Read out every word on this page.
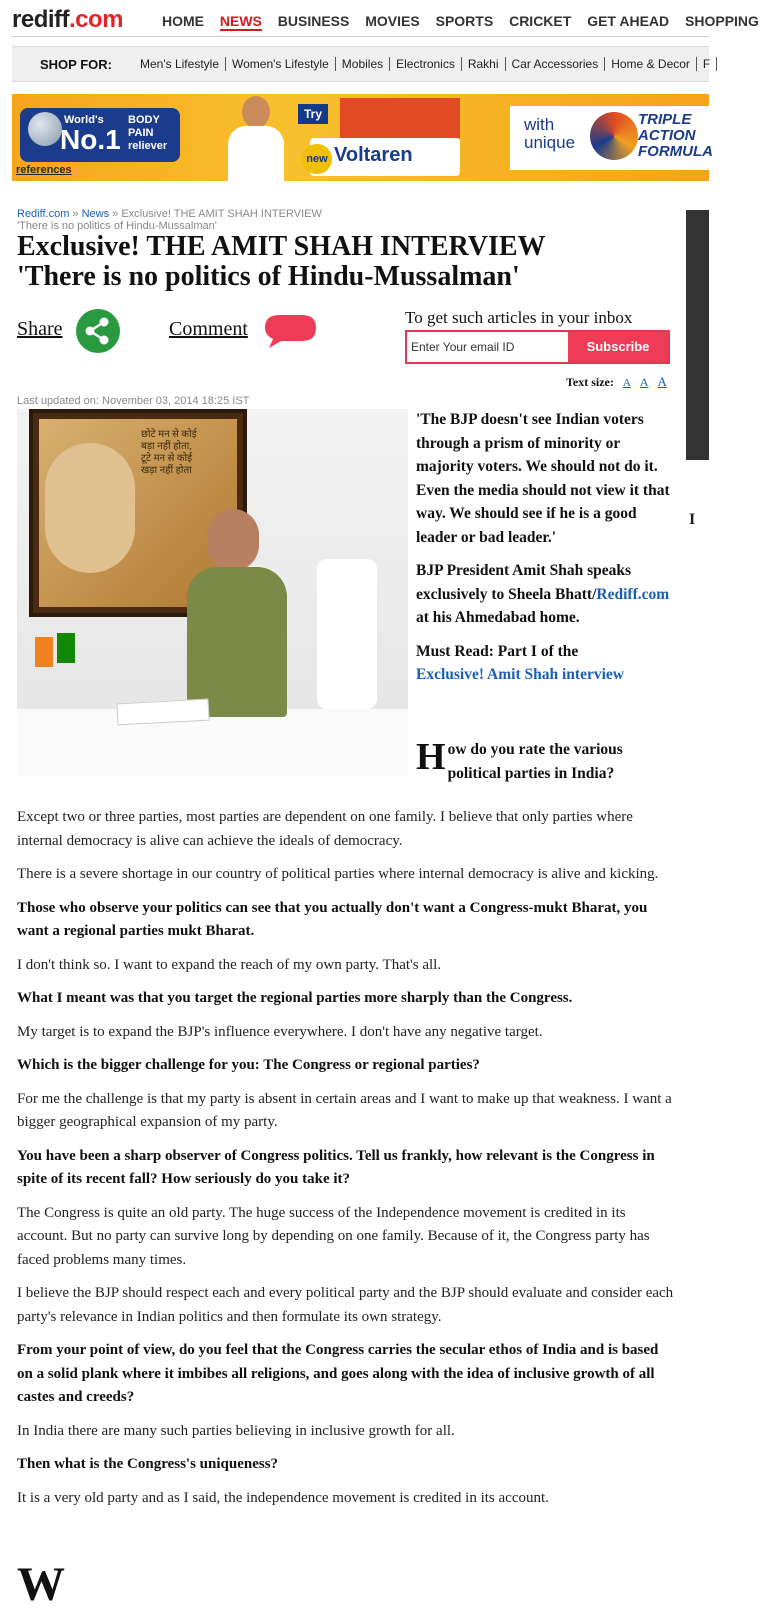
rediff.com	HOME NEWS BUSINESS MOVIES SPORTS CRICKET GET AHEAD SHOPPING
SHOP FOR: Men's Lifestyle Women's Lifestyle Mobiles Electronics Rakhi Car Accessories Home & Decor F
World's
No.1
BODY PAIN reliever
Try
new Voltaren
references
with unique
TRIPLE ACTION FORMULA
I
Rediff.com » News » Exclusive! THE AMIT SHAH INTERVIEW
'There is no politics of Hindu-Mussalman'
Exclusive! THE AMIT SHAH INTERVIEW
'There is no politics of Hindu-Mussalman'
Share	Comment
To get such articles in your inbox
Enter Your email ID	Subscribe
Text size: A A A
Last updated on: November 03, 2014 18:25 IST
छोटे मन से कोई
बड़ा नहीं होता,
टूटे मन से कोई
खड़ा नहीं होता

'The BJP doesn't see Indian voters through a prism of minority or majority voters. We should not do it. Even the media should not view it that way. We should see if he is a good leader or bad leader.'

BJP President Amit Shah speaks exclusively to Sheela Bhatt/Rediff.com at his Ahmedabad home.

Must Read: Part I of the
Exclusive! Amit Shah interview

How do you rate the various political parties in India?

Except two or three parties, most parties are dependent on one family. I believe that only parties where internal democracy is alive can achieve the ideals of democracy.

There is a severe shortage in our country of political parties where internal democracy is alive and kicking.

Those who observe your politics can see that you actually don't want a Congress-mukt Bharat, you want a regional parties mukt Bharat.

I don't think so. I want to expand the reach of my own party. That's all.

What I meant was that you target the regional parties more sharply than the Congress.

My target is to expand the BJP's influence everywhere. I don't have any negative target.

Which is the bigger challenge for you: The Congress or regional parties?

For me the challenge is that my party is absent in certain areas and I want to make up that weakness. I want a bigger geographical expansion of my party.

You have been a sharp observer of Congress politics. Tell us frankly, how relevant is the Congress in spite of its recent fall? How seriously do you take it?

The Congress is quite an old party. The huge success of the Independence movement is credited in its account. But no party can survive long by depending on one family. Because of it, the Congress party has faced problems many times.

I believe the BJP should respect each and every political party and the BJP should evaluate and consider each party's relevance in Indian politics and then formulate its own strategy.

From your point of view, do you feel that the Congress carries the secular ethos of India and is based on a solid plank where it imbibes all religions, and goes along with the idea of inclusive growth of all castes and creeds?

In India there are many such parties believing in inclusive growth for all.

Then what is the Congress's uniqueness?

It is a very old party and as I said, the independence movement is credited in its account.

W
